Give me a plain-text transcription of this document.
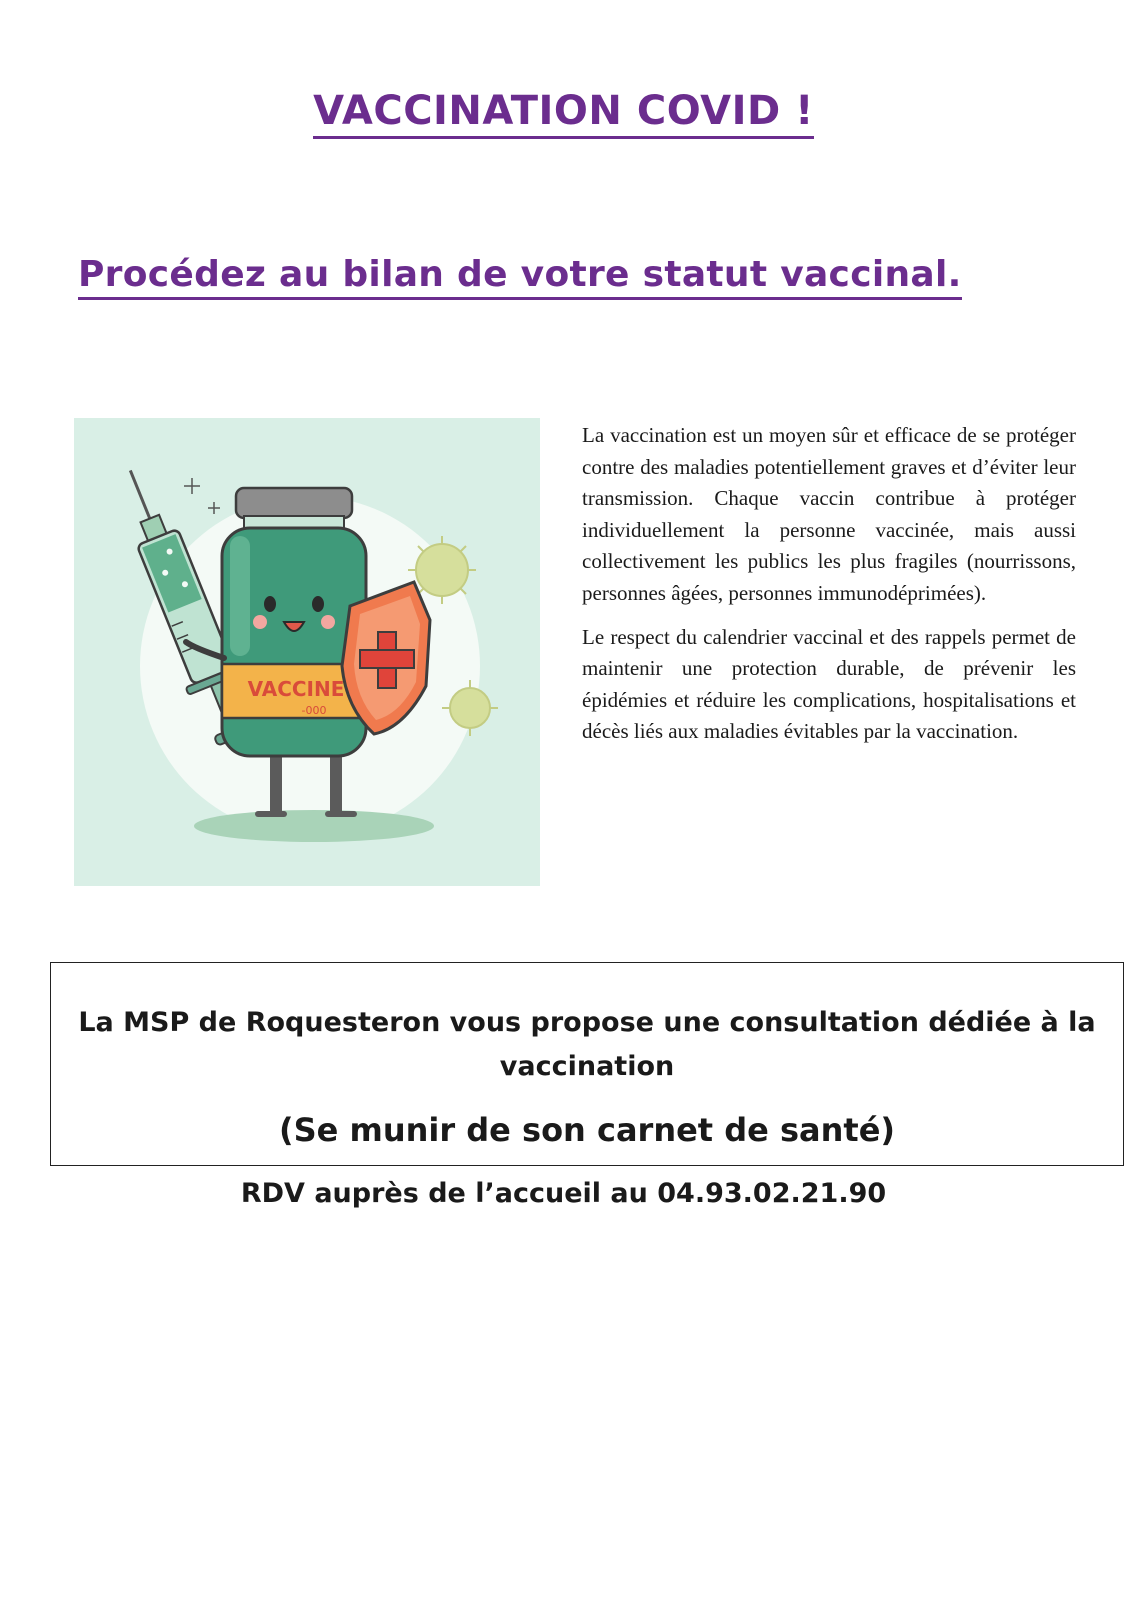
VACCINATION COVID !
Procédez au bilan de votre statut vaccinal.
VACCINE
-000

La vaccination est un moyen sûr et efficace de se protéger contre des maladies potentiellement graves et d’éviter leur transmission. Chaque vaccin contribue à protéger individuellement la personne vaccinée, mais aussi collectivement les publics les plus fragiles (nourrissons, personnes âgées, personnes immunodéprimées).

Le respect du calendrier vaccinal et des rappels permet de maintenir une protection durable, de prévenir les épidémies et réduire les complications, hospitalisations et décès liés aux maladies évitables par la vaccination.

La MSP de Roquesteron vous propose une consultation dédiée à la vaccination
(Se munir de son carnet de santé)
RDV auprès de l’accueil au 04.93.02.21.90
